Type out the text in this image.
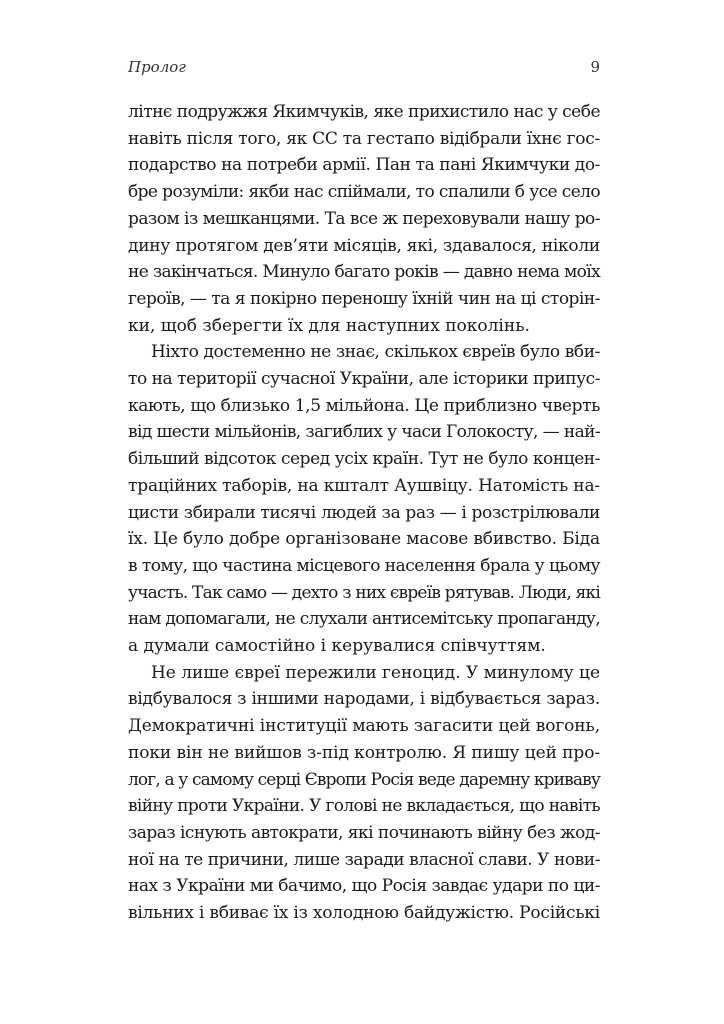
Пролог	9

літнє подружжя Якимчуків, яке прихистило нас у себе
навіть після того, як СС та гестапо відібрали їхнє гос-
подарство на потреби армії. Пан та пані Якимчуки до-
бре розуміли: якби нас спіймали, то спалили б усе село
разом із мешканцями. Та все ж переховували нашу ро-
дину протягом дев’яти місяців, які, здавалося, ніколи
не закінчаться. Минуло багато років — давно нема моїх
героїв, — та я покірно переношу їхній чин на ці сторін-
ки, щоб зберегти їх для наступних поколінь.

Ніхто достеменно не знає, скількох євреїв було вби-
то на території сучасної України, але історики припус-
кають, що близько 1,5 мільйона. Це приблизно чверть
від шести мільйонів, загиблих у часи Голокосту, — най-
більший відсоток серед усіх країн. Тут не було концен-
траційних таборів, на кшталт Аушвіцу. Натомість на-
цисти збирали тисячі людей за раз — і розстрілювали
їх. Це було добре організоване масове вбивство. Біда
в тому, що частина місцевого населення брала у цьому
участь. Так само — дехто з них євреїв рятував. Люди, які
нам допомагали, не слухали антисемітську пропаганду,
а думали самостійно і керувалися співчуттям.

Не лише євреї пережили геноцид. У минулому це
відбувалося з іншими народами, і відбувається зараз.
Демократичні інституції мають загасити цей вогонь,
поки він не вийшов з-під контролю. Я пишу цей про-
лог, а у самому серці Європи Росія веде даремну криваву
війну проти України. У голові не вкладається, що навіть
зараз існують автократи, які починають війну без жод-
ної на те причини, лише заради власної слави. У нови-
нах з України ми бачимо, що Росія завдає удари по ци-
вільних і вбиває їх із холодною байдужістю. Російські
